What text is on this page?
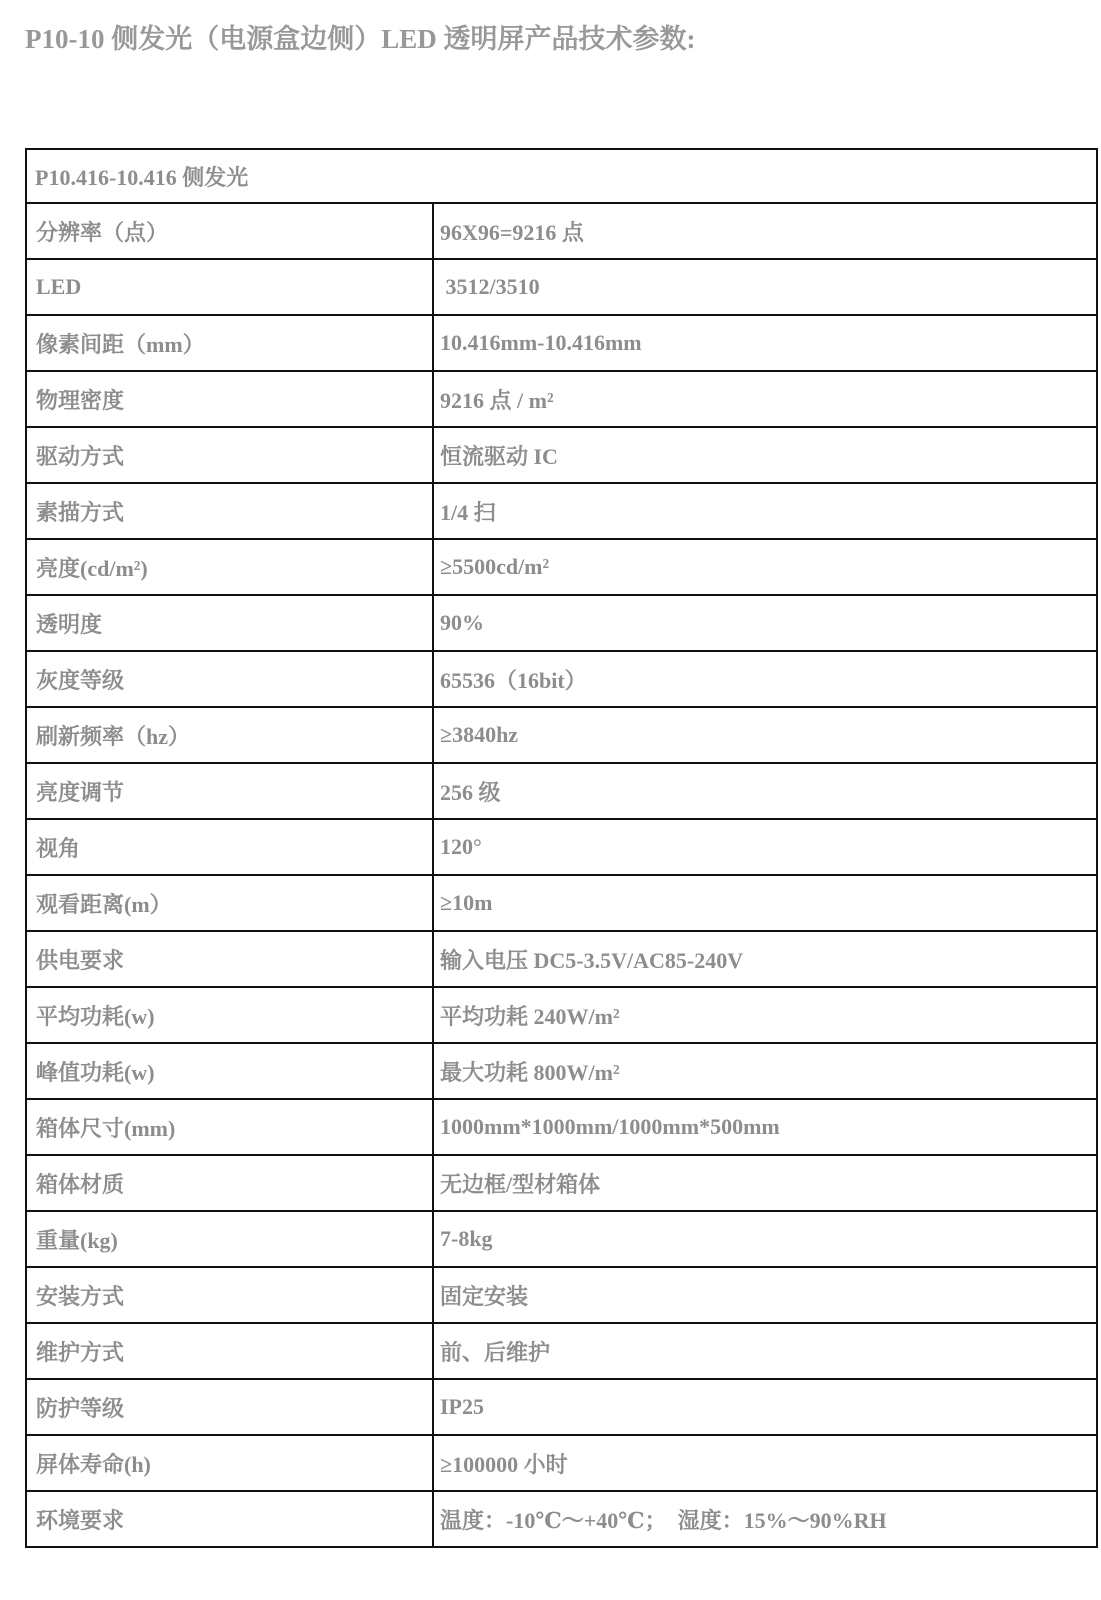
P10-10 侧发光（电源盒边侧）LED 透明屏产品技术参数:
P10.416-10.416 侧发光	
分辨率（点）	96X96=9216 点
LED	3512/3510
像素间距（mm）	10.416mm-10.416mm
物理密度	9216 点 / m²
驱动方式	恒流驱动 IC
素描方式	1/4 扫
亮度(cd/m²)	≥5500cd/m²
透明度	90%
灰度等级	65536（16bit）
刷新频率（hz）	≥3840hz
亮度调节	256 级
视角	120°
观看距离(m）	≥10m
供电要求	输入电压 DC5-3.5V/AC85-240V
平均功耗(w)	平均功耗 240W/m²
峰值功耗(w)	最大功耗 800W/m²
箱体尺寸(mm)	1000mm*1000mm/1000mm*500mm
箱体材质	无边框/型材箱体
重量(kg)	7-8kg
安装方式	固定安装
维护方式	前、后维护
防护等级	IP25
屏体寿命(h)	≥100000 小时
环境要求	温度：-10℃～+40℃；  湿度：15%～90%RH
